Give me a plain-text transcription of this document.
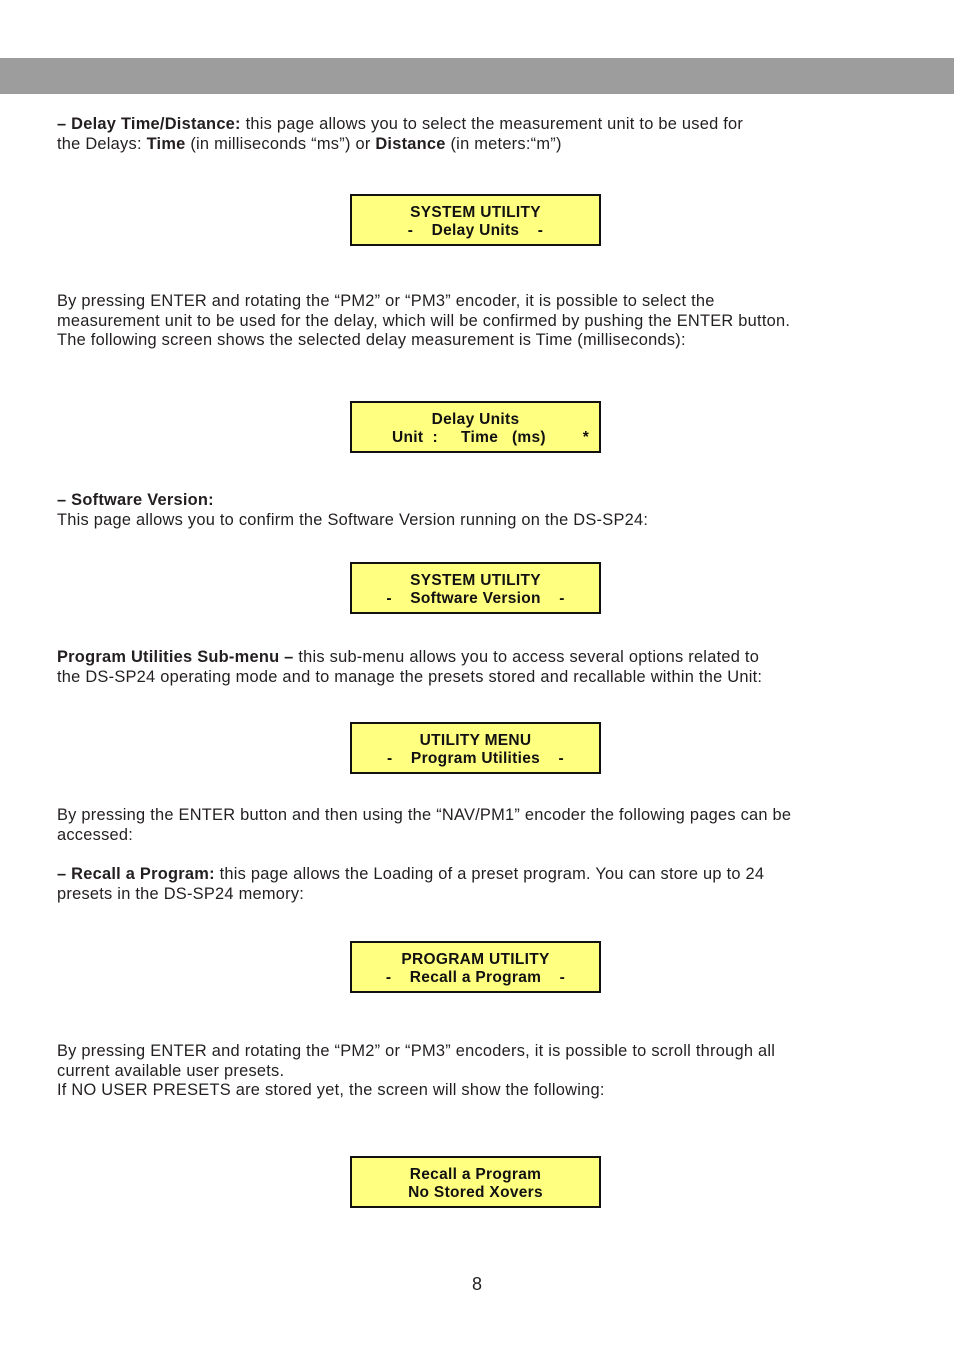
– Delay Time/Distance: this page allows you to select the measurement unit to be used for
the Delays: Time (in milliseconds “ms”) or Distance (in meters:“m”)

SYSTEM UTILITY
-    Delay Units    -

By pressing ENTER and rotating the “PM2” or “PM3” encoder, it is possible to select the
measurement unit to be used for the delay, which will be confirmed by pushing the ENTER button.
The following screen shows the selected delay measurement is Time (milliseconds):

Delay Units
Unit  :     Time   (ms)        *

– Software Version:
This page allows you to confirm the Software Version running on the DS-SP24:

SYSTEM UTILITY
-    Software Version    -

Program Utilities Sub-menu – this sub-menu allows you to access several options related to
the DS-SP24 operating mode and to manage the presets stored and recallable within the Unit:

UTILITY MENU
-    Program Utilities    -

By pressing the ENTER button and then using the “NAV/PM1” encoder the following pages can be
accessed:

– Recall a Program: this page allows the Loading of a preset program. You can store up to 24
presets in the DS-SP24 memory:

PROGRAM UTILITY
-    Recall a Program    -

By pressing ENTER and rotating the “PM2” or “PM3” encoders, it is possible to scroll through all
current available user presets.
If NO USER PRESETS are stored yet, the screen will show the following:

Recall a Program
No Stored Xovers
8
